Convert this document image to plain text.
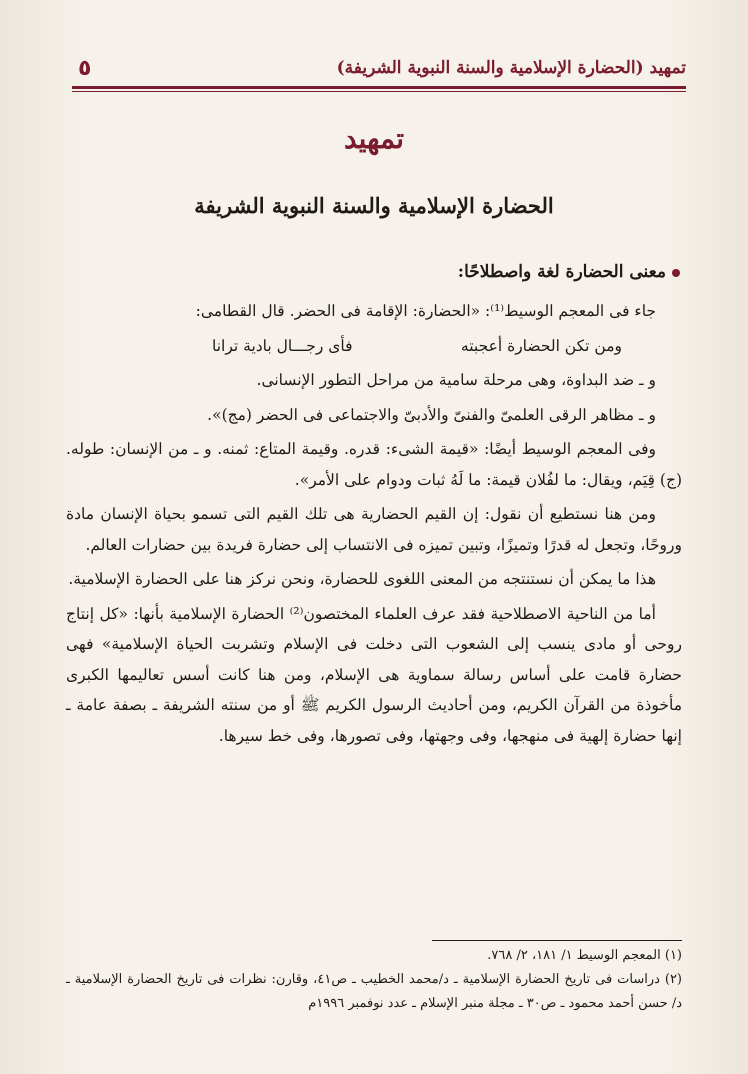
تمهيد (الحضارة الإسلامية والسنة النبوية الشريفة)
٥
تمهيد
الحضارة الإسلامية والسنة النبوية الشريفة
معنى الحضارة لغة واصطلاحًا:

جاء فى المعجم الوسيط⁽¹⁾: «الحضارة: الإقامة فى الحضر. قال القطامى:

ومن تكن الحضارة أعجبته
فأى رجـــال بادية ترانا

و ـ ضد البداوة، وهى مرحلة سامية من مراحل التطور الإنسانى.

و ـ مظاهر الرقى العلمىّ والفنىّ والأدبىّ والاجتماعى فى الحضر (مج)».

وفى المعجم الوسيط أيضًا: «قيمة الشىء: قدره. وقيمة المتاع: ثمنه. و ـ من الإنسان: طوله. (ج) قِيَم، ويقال: ما لفُلان قيمة: ما لَهُ ثبات ودوام على الأمر».

ومن هنا نستطيع أن نقول: إن القيم الحضارية هى تلك القيم التى تسمو بحياة الإنسان مادة وروحًا، وتجعل له قدرًا وتميزًا، وتبين تميزه فى الانتساب إلى حضارة فريدة بين حضارات العالم.

هذا ما يمكن أن نستنتجه من المعنى اللغوى للحضارة، ونحن نركز هنا على الحضارة الإسلامية.

أما من الناحية الاصطلاحية فقد عرف العلماء المختصون⁽²⁾ الحضارة الإسلامية بأنها: «كل إنتاج روحى أو مادى ينسب إلى الشعوب التى دخلت فى الإسلام وتشربت الحياة الإسلامية» فهى حضارة قامت على أساس رسالة سماوية هى الإسلام، ومن هنا كانت أسس تعاليمها الكبرى مأخوذة من القرآن الكريم، ومن أحاديث الرسول الكريم ﷺ أو من سنته الشريفة ـ بصفة عامة ـ إنها حضارة إلهية فى منهجها، وفى وجهتها، وفى تصورها، وفى خط سيرها.

(١) المعجم الوسيط ١/ ١٨١، ٢/ ٧٦٨.
(٢) دراسات فى تاريخ الحضارة الإسلامية ـ د/محمد الخطيب ـ ص٤١، وقارن: نظرات فى تاريخ الحضارة الإسلامية ـ د/ حسن أحمد محمود ـ ص٣٠ ـ مجلة منبر الإسلام ـ عدد نوفمبر ١٩٩٦م
